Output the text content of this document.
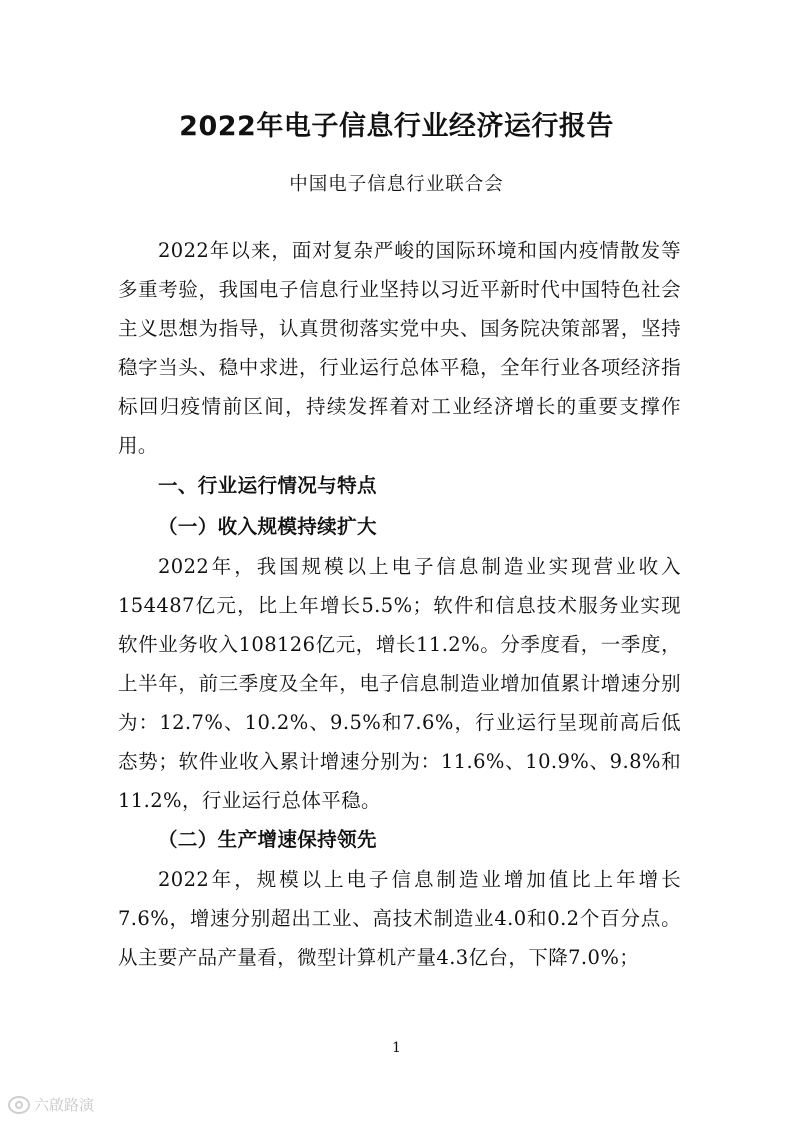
2022年电子信息行业经济运行报告
中国电子信息行业联合会

2022年以来，面对复杂严峻的国际环境和国内疫情散发等多重考验，我国电子信息行业坚持以习近平新时代中国特色社会主义思想为指导，认真贯彻落实党中央、国务院决策部署，坚持稳字当头、稳中求进，行业运行总体平稳，全年行业各项经济指标回归疫情前区间，持续发挥着对工业经济增长的重要支撑作用。

一、行业运行情况与特点
（一）收入规模持续扩大

2022年，我国规模以上电子信息制造业实现营业收入154487亿元，比上年增长5.5%；软件和信息技术服务业实现软件业务收入108126亿元，增长11.2%。分季度看，一季度，上半年，前三季度及全年，电子信息制造业增加值累计增速分别为：12.7%、10.2%、9.5%和7.6%，行业运行呈现前高后低态势；软件业收入累计增速分别为：11.6%、10.9%、9.8%和11.2%，行业运行总体平稳。

（二）生产增速保持领先

2022年，规模以上电子信息制造业增加值比上年增长7.6%，增速分别超出工业、高技术制造业4.0和0.2个百分点。从主要产品产量看，微型计算机产量4.3亿台，下降7.0%；

1
六啟路演
